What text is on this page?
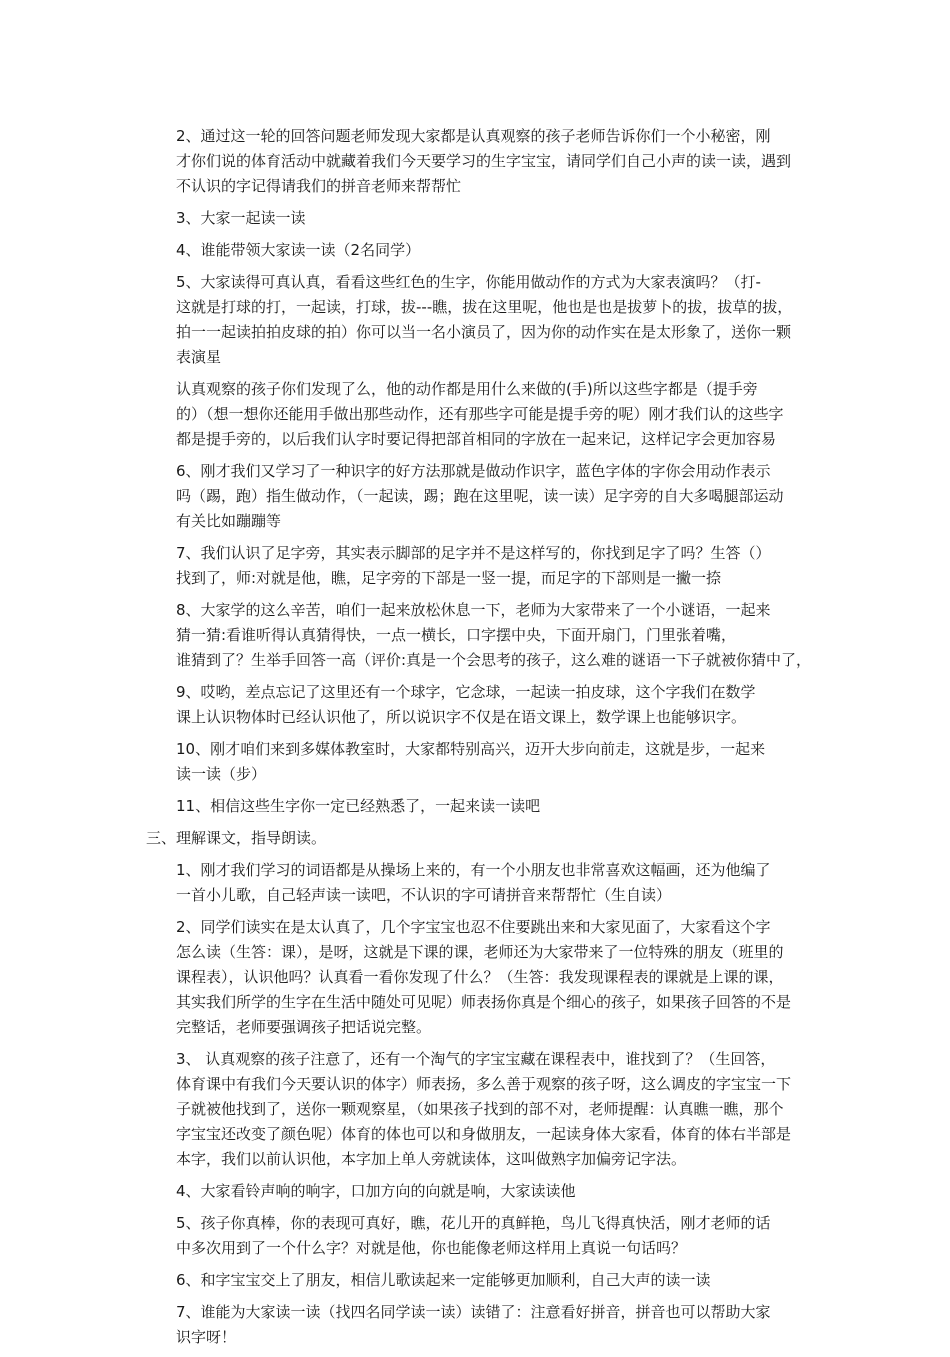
2、通过这一轮的回答问题老师发现大家都是认真观察的孩子老师告诉你们一个小秘密，刚
才你们说的体育活动中就藏着我们今天要学习的生字宝宝，请同学们自己小声的读一读，遇到
不认识的字记得请我们的拼音老师来帮帮忙
3、大家一起读一读
4、谁能带领大家读一读（2名同学）
5、大家读得可真认真，看看这些红色的生字，你能用做动作的方式为大家表演吗？（打-
这就是打球的打，一起读，打球，拔---瞧，拔在这里呢，他也是也是拔萝卜的拔，拔草的拔，
拍一一起读拍拍皮球的拍）你可以当一名小演员了，因为你的动作实在是太形象了，送你一颗
表演星
认真观察的孩子你们发现了么，他的动作都是用什么来做的(手)所以这些字都是（提手旁
的）（想一想你还能用手做出那些动作，还有那些字可能是提手旁的呢）刚才我们认的这些字
都是提手旁的，以后我们认字时要记得把部首相同的字放在一起来记，这样记字会更加容易
6、刚才我们又学习了一种识字的好方法那就是做动作识字，蓝色字体的字你会用动作表示
吗（踢，跑）指生做动作，（一起读，踢；跑在这里呢，读一读）足字旁的自大多喝腿部运动
有关比如蹦蹦等
7、我们认识了足字旁，其实表示脚部的足字并不是这样写的，你找到足字了吗？生答（）
找到了，师:对就是他，瞧，足字旁的下部是一竖一提，而足字的下部则是一撇一捺
8、大家学的这么辛苦，咱们一起来放松休息一下，老师为大家带来了一个小谜语，一起来
猜一猜:看谁听得认真猜得快，一点一横长，口字摆中央，下面开扇门，门里张着嘴，
谁猜到了？生举手回答一高（评价:真是一个会思考的孩子，这么难的谜语一下子就被你猜中了，
9、哎哟，差点忘记了这里还有一个球字，它念球，一起读一拍皮球，这个字我们在数学
课上认识物体时已经认识他了，所以说识字不仅是在语文课上，数学课上也能够识字。
10、刚才咱们来到多媒体教室时，大家都特别高兴，迈开大步向前走，这就是步，一起来
读一读（步）
11、相信这些生字你一定已经熟悉了，一起来读一读吧
三、理解课文，指导朗读。
1、刚才我们学习的词语都是从操场上来的，有一个小朋友也非常喜欢这幅画，还为他编了
一首小儿歌，自己轻声读一读吧，不认识的字可请拼音来帮帮忙（生自读）
2、同学们读实在是太认真了，几个字宝宝也忍不住要跳出来和大家见面了，大家看这个字
怎么读（生答：课），是呀，这就是下课的课，老师还为大家带来了一位特殊的朋友（班里的
课程表），认识他吗？认真看一看你发现了什么？（生答：我发现课程表的课就是上课的课，
其实我们所学的生字在生活中随处可见呢）师表扬你真是个细心的孩子，如果孩子回答的不是
完整话，老师要强调孩子把话说完整。
3、 认真观察的孩子注意了，还有一个淘气的字宝宝藏在课程表中，谁找到了？（生回答，
体育课中有我们今天要认识的体字）师表扬，多么善于观察的孩子呀，这么调皮的字宝宝一下
子就被他找到了，送你一颗观察星，（如果孩子找到的部不对，老师提醒：认真瞧一瞧，那个
字宝宝还改变了颜色呢）体育的体也可以和身做朋友，一起读身体大家看，体育的体右半部是
本字，我们以前认识他，本字加上单人旁就读体，这叫做熟字加偏旁记字法。
4、大家看铃声响的响字，口加方向的向就是响，大家读读他
5、孩子你真棒，你的表现可真好，瞧，花儿开的真鲜艳，鸟儿飞得真快活，刚才老师的话
中多次用到了一个什么字？对就是他，你也能像老师这样用上真说一句话吗？
6、和字宝宝交上了朋友，相信儿歌读起来一定能够更加顺利，自己大声的读一读
7、谁能为大家读一读（找四名同学读一读）读错了：注意看好拼音，拼音也可以帮助大家
识字呀！
